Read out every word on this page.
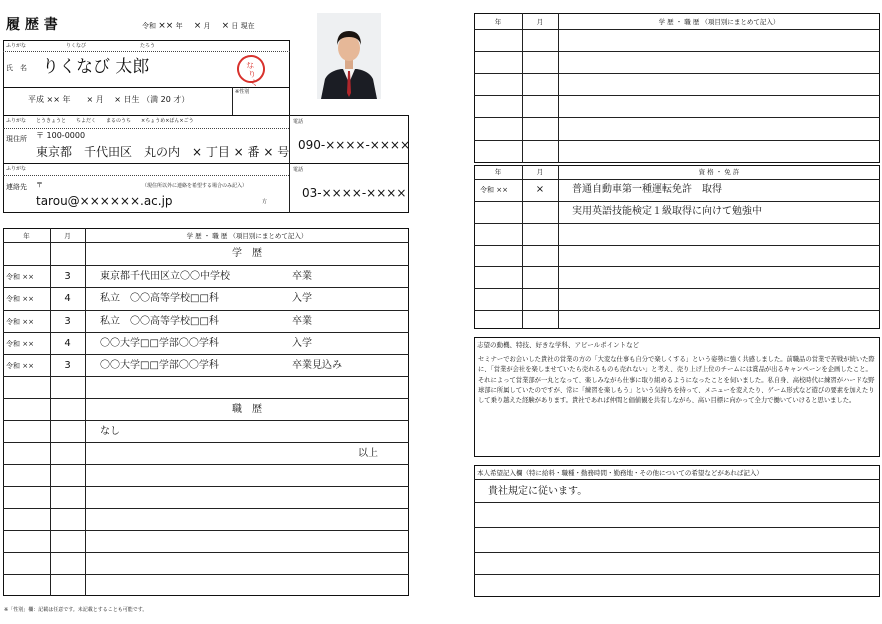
履 歴 書	令和 ×× 年 × 月 × 日 現在
ふりがな	りくなび	たろう
氏　名 りくなび 太郎	なりく
平成 ×× 年　　× 月　 × 日生 （満 20 才）
※性別
ふりがな とうきょうと　　ちよだく　　まるのうち　　×ちょうめ×ばん×ごう
現住所 〒 100-0000
東京都　千代田区　丸の内　× 丁目 × 番 × 号
電話
090-××××-××××
ふりがな
連絡先 〒	（現住所以外に連絡を希望する場合のみ記入）
tarou@××××××.ac.jp	方
電話
03-××××-××××
年	月	学 歴 ・ 職 歴 （項目別にまとめて記入）
学　歴
令和 ××	3	東京都千代田区立〇〇中学校	卒業
令和 ××	4	私立　〇〇高等学校□□科	入学
令和 ××	3	私立　〇〇高等学校□□科	卒業
令和 ××	4	〇〇大学□□学部〇〇学科	入学
令和 ××	3	〇〇大学□□学部〇〇学科	卒業見込み
職　歴
なし
以上
※「性別」欄：記載は任意です。未記載とすることも可能です。
年	月	学 歴 ・ 職 歴 （項目別にまとめて記入）
年	月	資 格 ・ 免 許
令和 ××	×	普通自動車第一種運転免許　取得
実用英語技能検定１級取得に向けて勉強中
志望の動機、特技、好きな学科、アピールポイントなど
セミナーでお会いした貴社の営業の方の「大変な仕事も自分で楽しくする」という姿勢に強く共感しました。前職品の営業で苦戦が続いた際に、「営業が会社を楽しませていたら売れるものも売れない」と考え、売り上げ上位のチームには賞品が出るキャンペーンを企画したこと。それによって営業部が一丸となって、楽しみながら仕事に取り組めるようになったことを伺いました。私自身、高校時代に練習がハードな野球部に所属していたのですが、常に「練習を楽しもう」という気持ちを持って、メニューを変えたり、ゲーム形式など遊びの要素を加えたりして乗り越えた経験があります。貴社であれば仲間と価値観を共有しながら、高い目標に向かって全力で働いていけると思いました。
本人希望記入欄（特に給料・職種・勤務時間・勤務地・その他についての希望などがあれば記入）
貴社規定に従います。
